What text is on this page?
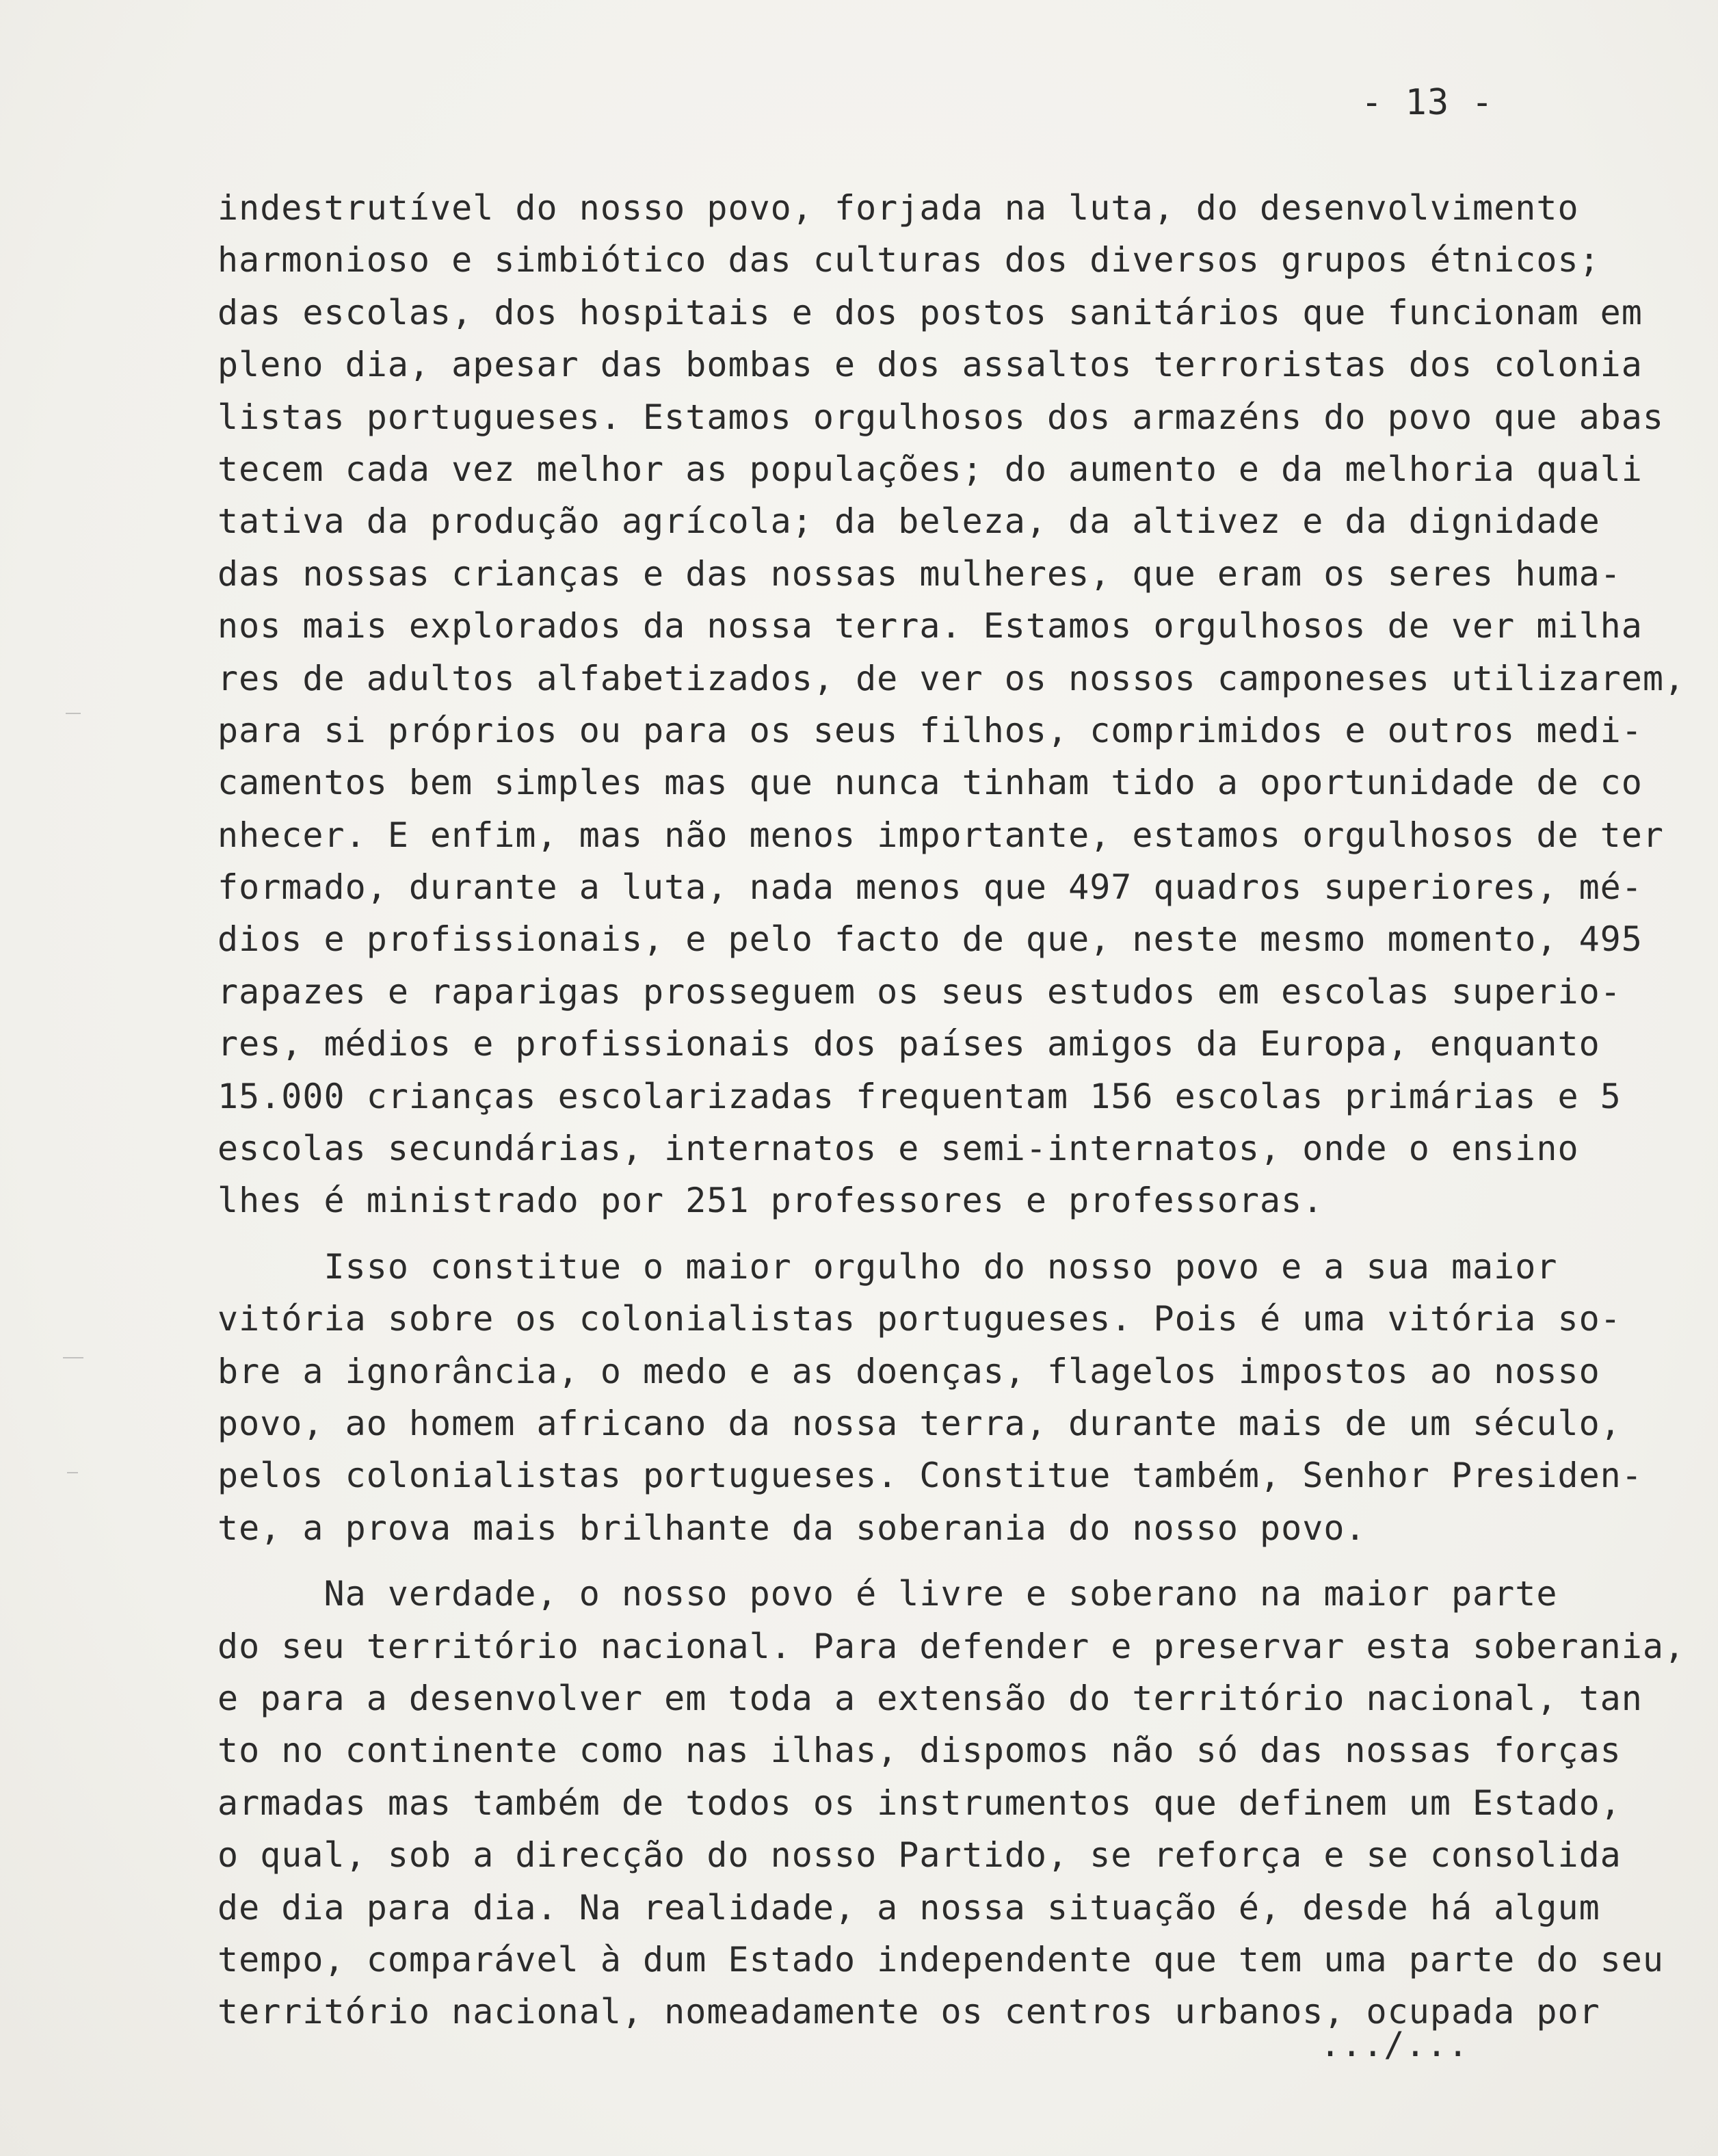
- 13 -
indestrutível do nosso povo, forjada na luta, do desenvolvimento
harmonioso e simbiótico das culturas dos diversos grupos étnicos;
das escolas, dos hospitais e dos postos sanitários que funcionam em
pleno dia, apesar das bombas e dos assaltos terroristas dos colonia
listas portugueses. Estamos orgulhosos dos armazéns do povo que abas
tecem cada vez melhor as populações; do aumento e da melhoria quali
tativa da produção agrícola; da beleza, da altivez e da dignidade
das nossas crianças e das nossas mulheres, que eram os seres huma-
nos mais explorados da nossa terra. Estamos orgulhosos de ver milha
res de adultos alfabetizados, de ver os nossos camponeses utilizarem,
para si próprios ou para os seus filhos, comprimidos e outros medi-
camentos bem simples mas que nunca tinham tido a oportunidade de co
nhecer. E enfim, mas não menos importante, estamos orgulhosos de ter
formado, durante a luta, nada menos que 497 quadros superiores, mé-
dios e profissionais, e pelo facto de que, neste mesmo momento, 495
rapazes e raparigas prosseguem os seus estudos em escolas superio-
res, médios e profissionais dos países amigos da Europa, enquanto
15.000 crianças escolarizadas frequentam 156 escolas primárias e 5
escolas secundárias, internatos e semi-internatos, onde o ensino
lhes é ministrado por 251 professores e professoras.
Isso constitue o maior orgulho do nosso povo e a sua maior
vitória sobre os colonialistas portugueses. Pois é uma vitória so-
bre a ignorância, o medo e as doenças, flagelos impostos ao nosso
povo, ao homem africano da nossa terra, durante mais de um século,
pelos colonialistas portugueses. Constitue também, Senhor Presiden-
te, a prova mais brilhante da soberania do nosso povo.
Na verdade, o nosso povo é livre e soberano na maior parte
do seu território nacional. Para defender e preservar esta soberania,
e para a desenvolver em toda a extensão do território nacional, tan
to no continente como nas ilhas, dispomos não só das nossas forças
armadas mas também de todos os instrumentos que definem um Estado,
o qual, sob a direcção do nosso Partido, se reforça e se consolida
de dia para dia. Na realidade, a nossa situação é, desde há algum
tempo, comparável à dum Estado independente que tem uma parte do seu
território nacional, nomeadamente os centros urbanos, ocupada por
.../...
